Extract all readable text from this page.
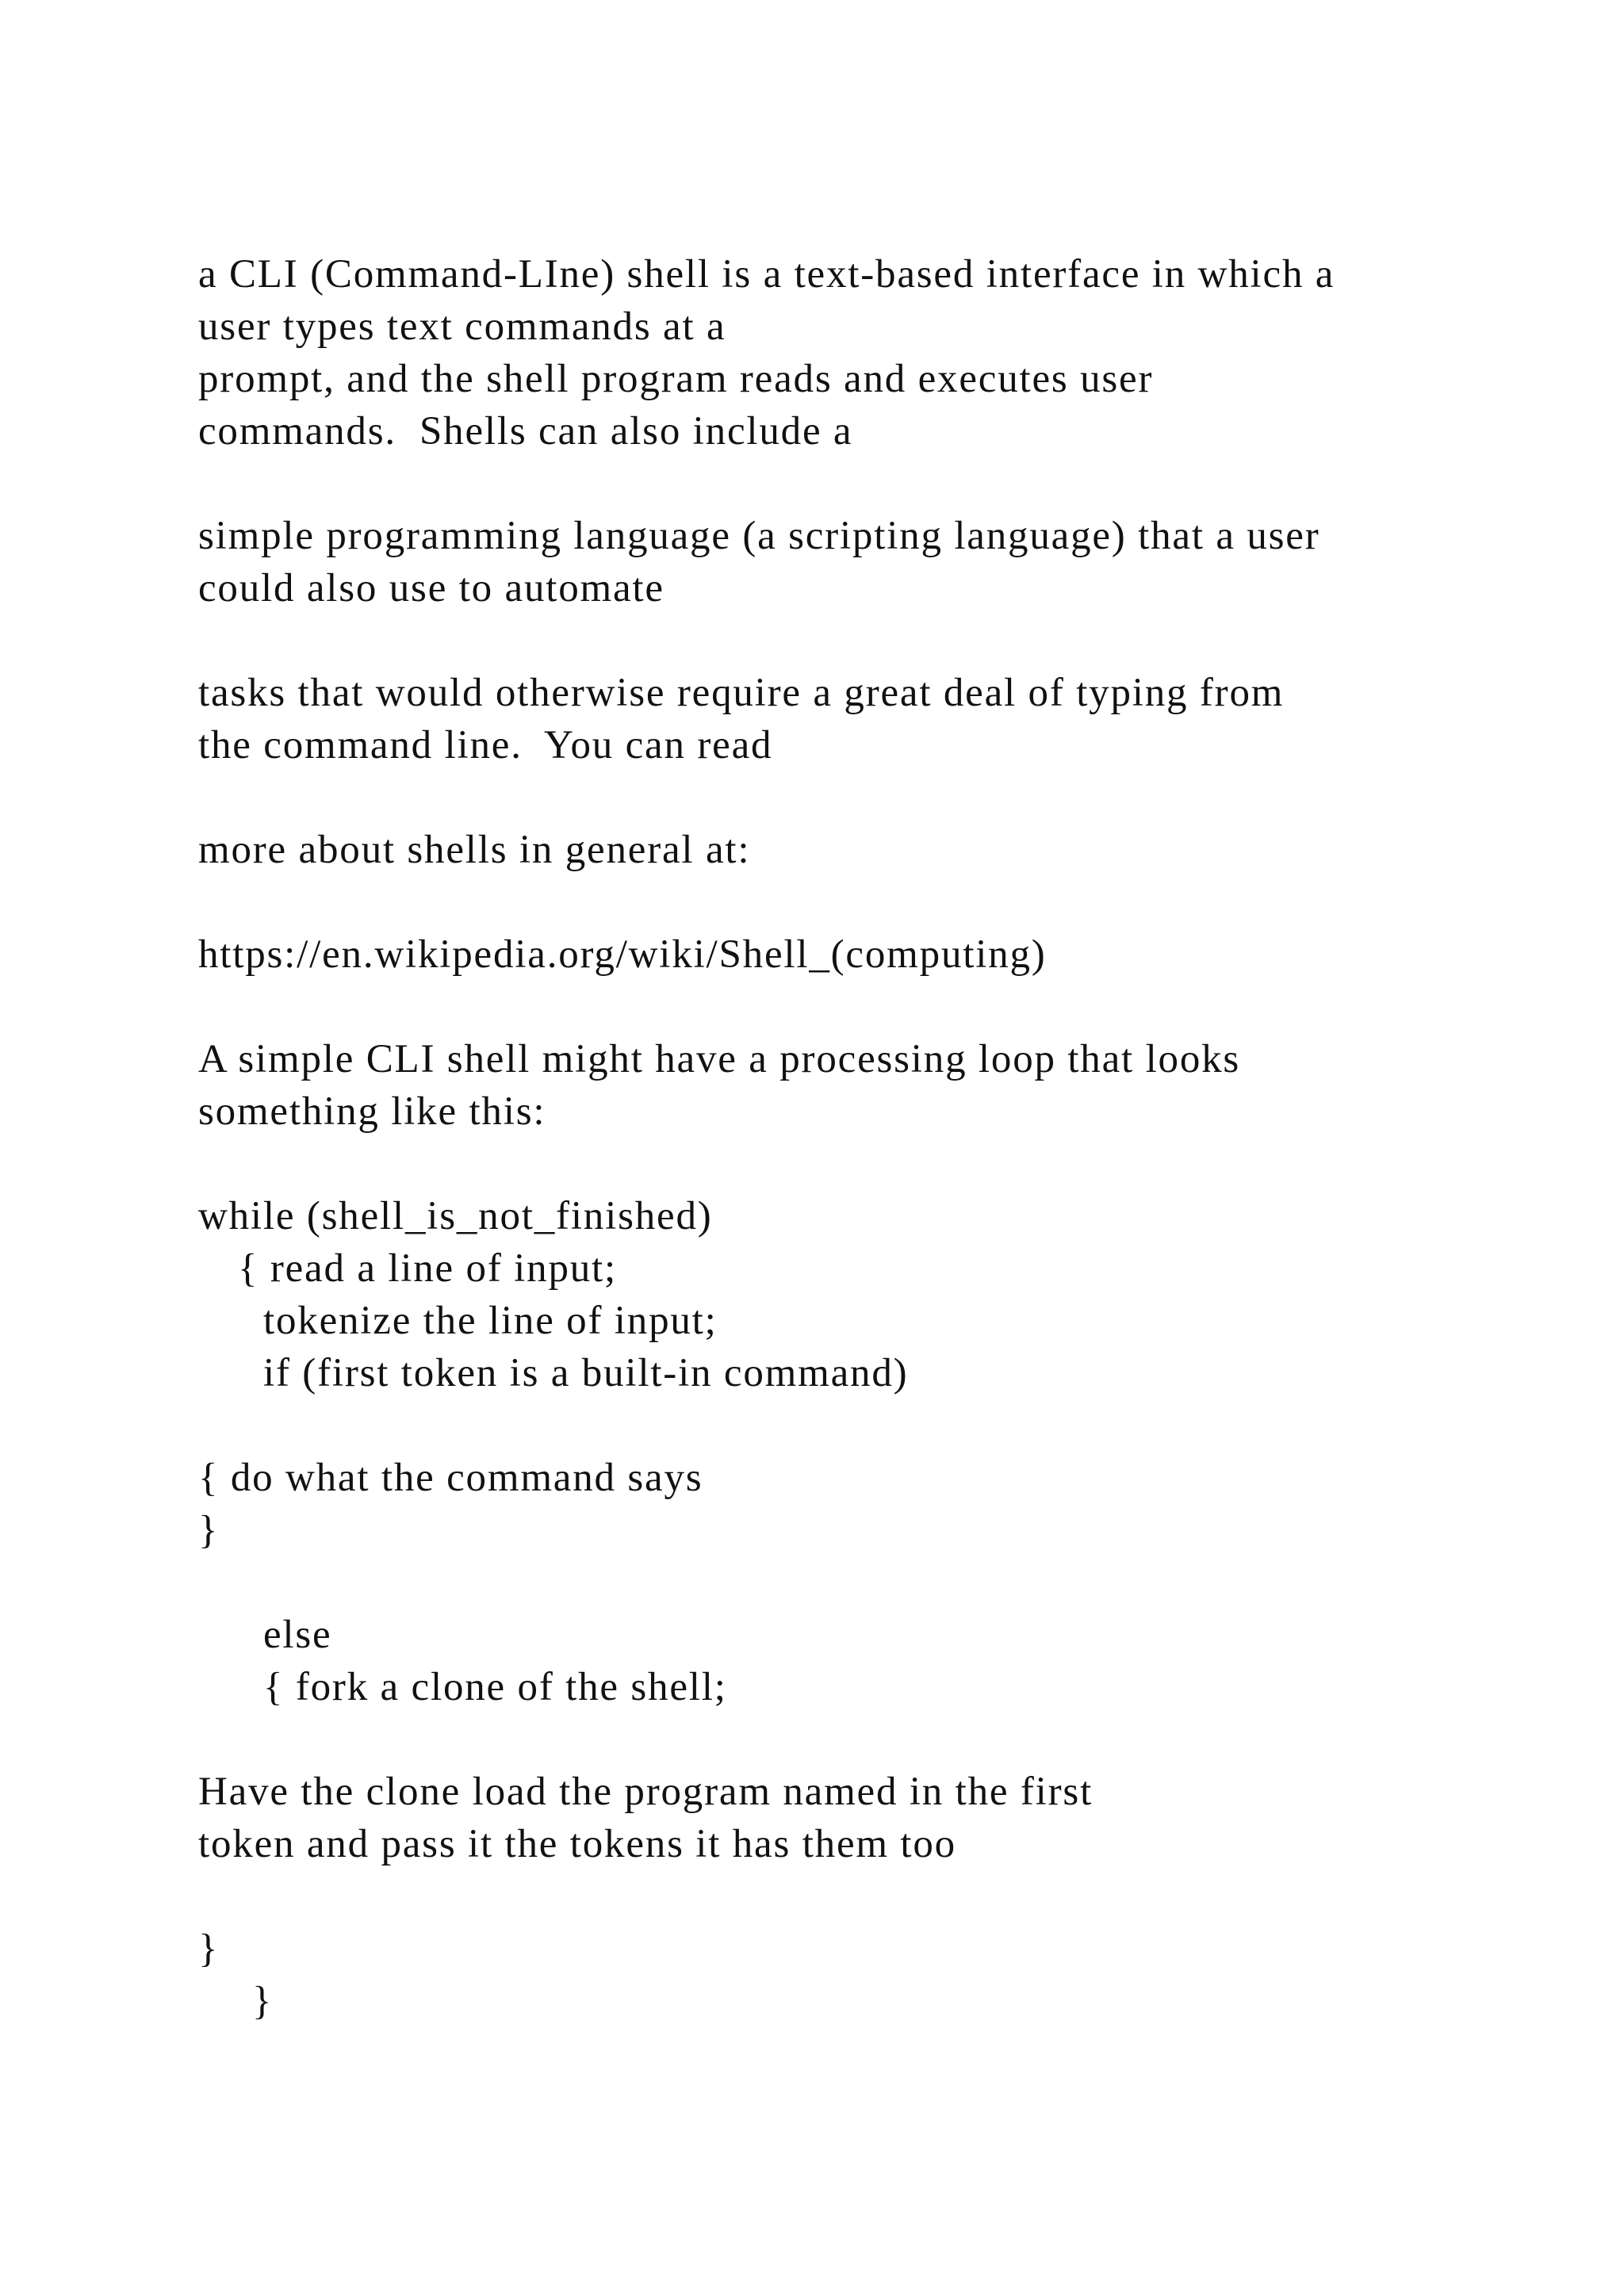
a CLI (Command-LIne) shell is a text-based interface in which a

user types text commands at a

prompt, and the shell program reads and executes user

commands.  Shells can also include a

simple programming language (a scripting language) that a user

could also use to automate

tasks that would otherwise require a great deal of typing from

the command line.  You can read

more about shells in general at:

https://en.wikipedia.org/wiki/Shell_(computing)

A simple CLI shell might have a processing loop that looks

something like this:

while (shell_is_not_finished)

{ read a line of input;

tokenize the line of input;

if (first token is a built-in command)

{ do what the command says

}

else

{ fork a clone of the shell;

Have the clone load the program named in the first

token and pass it the tokens it has them too

}

}
